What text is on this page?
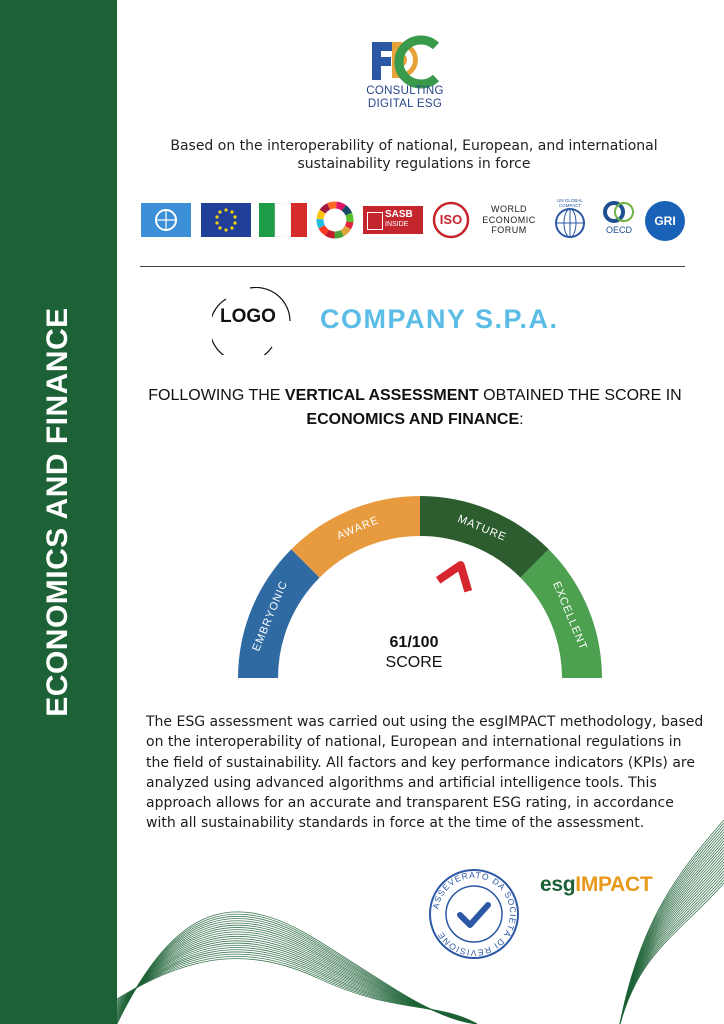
ECONOMICS AND FINANCE
CONSULTING
DIGITAL ESG
Based on the interoperability of national, European, and international sustainability regulations in force
SASB
INSIDE	ISO
WORLD
ECONOMIC
FORUM
UN GLOBAL COMPACT
OECD
GRI
LOGO COMPANY S.P.A.
FOLLOWING THE VERTICAL ASSESSMENT OBTAINED THE SCORE IN
ECONOMICS AND FINANCE:
EMBRYONIC
AWARE	MATURE
EXCELLENT
61/100
SCORE
The ESG assessment was carried out using the esgIMPACT methodology, based on the interoperability of national, European and international regulations in the field of sustainability. All factors and key performance indicators (KPIs) are analyzed using advanced algorithms and artificial intelligence tools. This approach allows for an accurate and transparent ESG rating, in accordance with all sustainability standards in force at the time of the assessment.
ASSEVERATO DA SOCIETÀ DI REVISIONE
esgIMPACT
